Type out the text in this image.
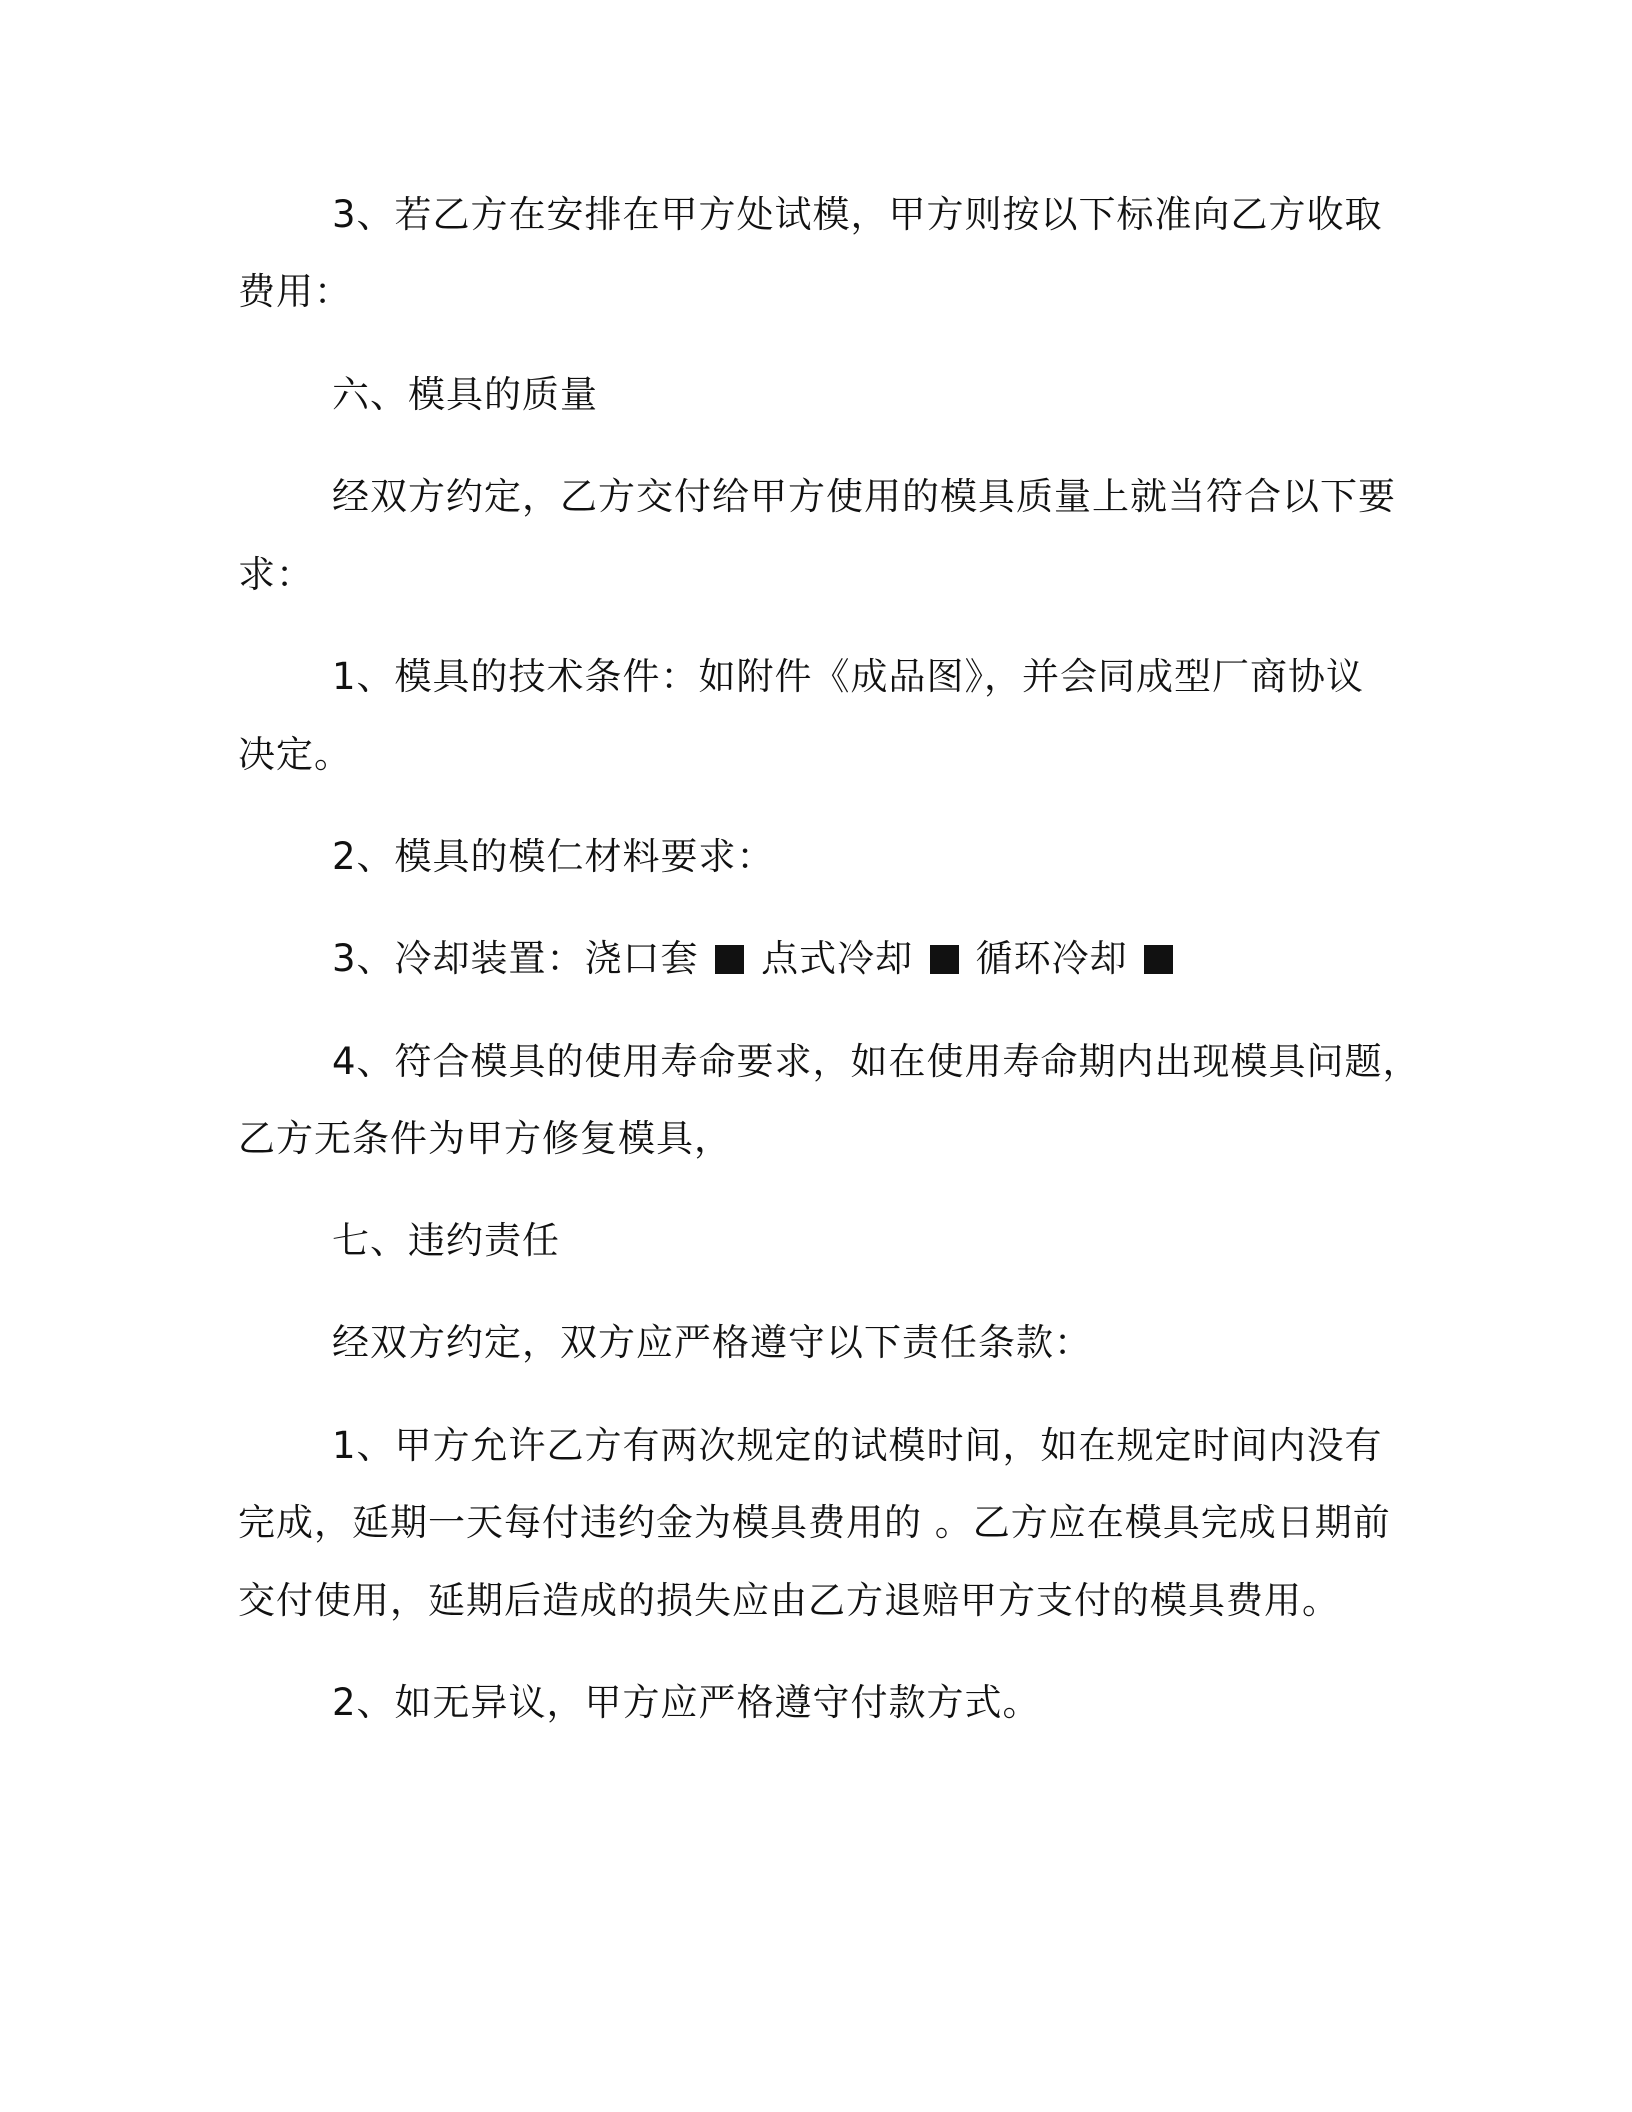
3、若乙方在安排在甲方处试模，甲方则按以下标准向乙方收取
费用：
六、模具的质量
经双方约定，乙方交付给甲方使用的模具质量上就当符合以下要
求：
1、模具的技术条件：如附件《成品图》，并会同成型厂商协议
决定。
2、模具的模仁材料要求：
3、冷却装置：浇口套 点式冷却 循环冷却
4、符合模具的使用寿命要求，如在使用寿命期内出现模具问题，
乙方无条件为甲方修复模具，
七、违约责任
经双方约定，双方应严格遵守以下责任条款：
1、甲方允许乙方有两次规定的试模时间，如在规定时间内没有
完成，延期一天每付违约金为模具费用的 。乙方应在模具完成日期前
交付使用，延期后造成的损失应由乙方退赔甲方支付的模具费用。
2、如无异议，甲方应严格遵守付款方式。
